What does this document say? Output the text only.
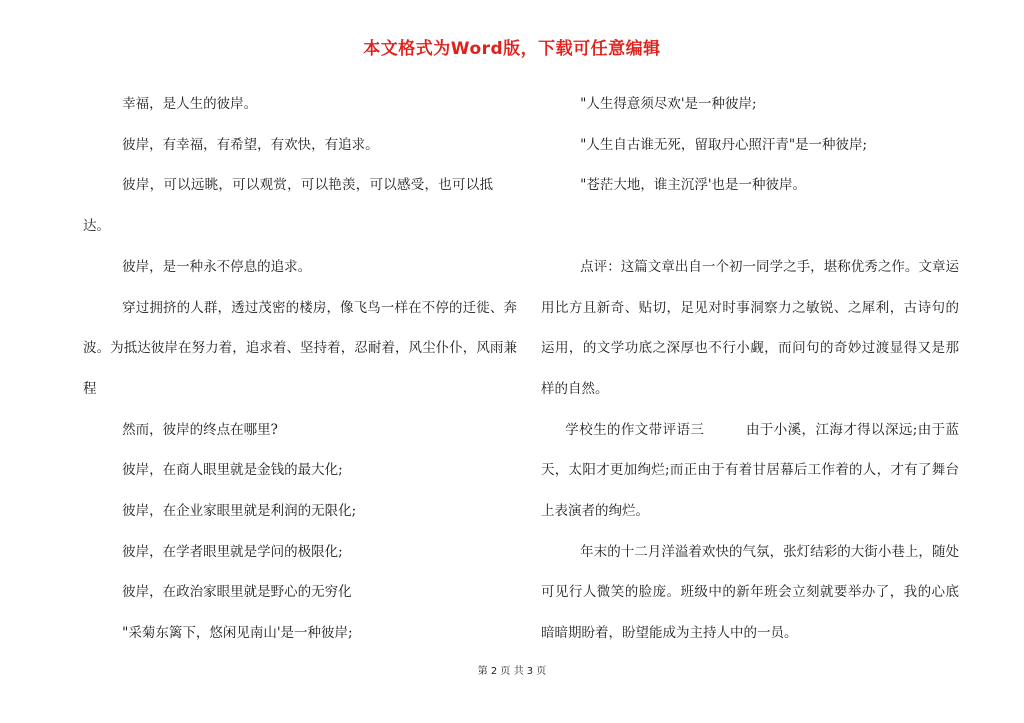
本文格式为Word版，下载可任意编辑

幸福，是人生的彼岸。

彼岸，有幸福，有希望，有欢快，有追求。

彼岸，可以远眺，可以观赏，可以艳羡，可以感受，也可以抵达。

彼岸，是一种永不停息的追求。

穿过拥挤的人群，透过茂密的楼房，像飞鸟一样在不停的迁徙、奔波。为抵达彼岸在努力着，追求着、坚持着，忍耐着，风尘仆仆，风雨兼程

然而，彼岸的终点在哪里?

彼岸，在商人眼里就是金钱的最大化;

彼岸，在企业家眼里就是利润的无限化;

彼岸，在学者眼里就是学问的极限化;

彼岸，在政治家眼里就是野心的无穷化

"采菊东篱下，悠闲见南山'是一种彼岸;

"人生得意须尽欢'是一种彼岸;

"人生自古谁无死，留取丹心照汗青"是一种彼岸;

"苍茫大地，谁主沉浮'也是一种彼岸。

点评：这篇文章出自一个初一同学之手，堪称优秀之作。文章运用比方且新奇、贴切，足见对时事洞察力之敏锐、之犀利，古诗句的运用，的文学功底之深厚也不行小觑，而问句的奇妙过渡显得又是那样的自然。

学校生的作文带评语三　　　由于小溪，江海才得以深远;由于蓝天，太阳才更加绚烂;而正由于有着甘居幕后工作着的人，才有了舞台上表演者的绚烂。

年末的十二月洋溢着欢快的气氛，张灯结彩的大街小巷上，随处可见行人微笑的脸庞。班级中的新年班会立刻就要举办了，我的心底暗暗期盼着，盼望能成为主持人中的一员。

第 2 页 共 3 页
